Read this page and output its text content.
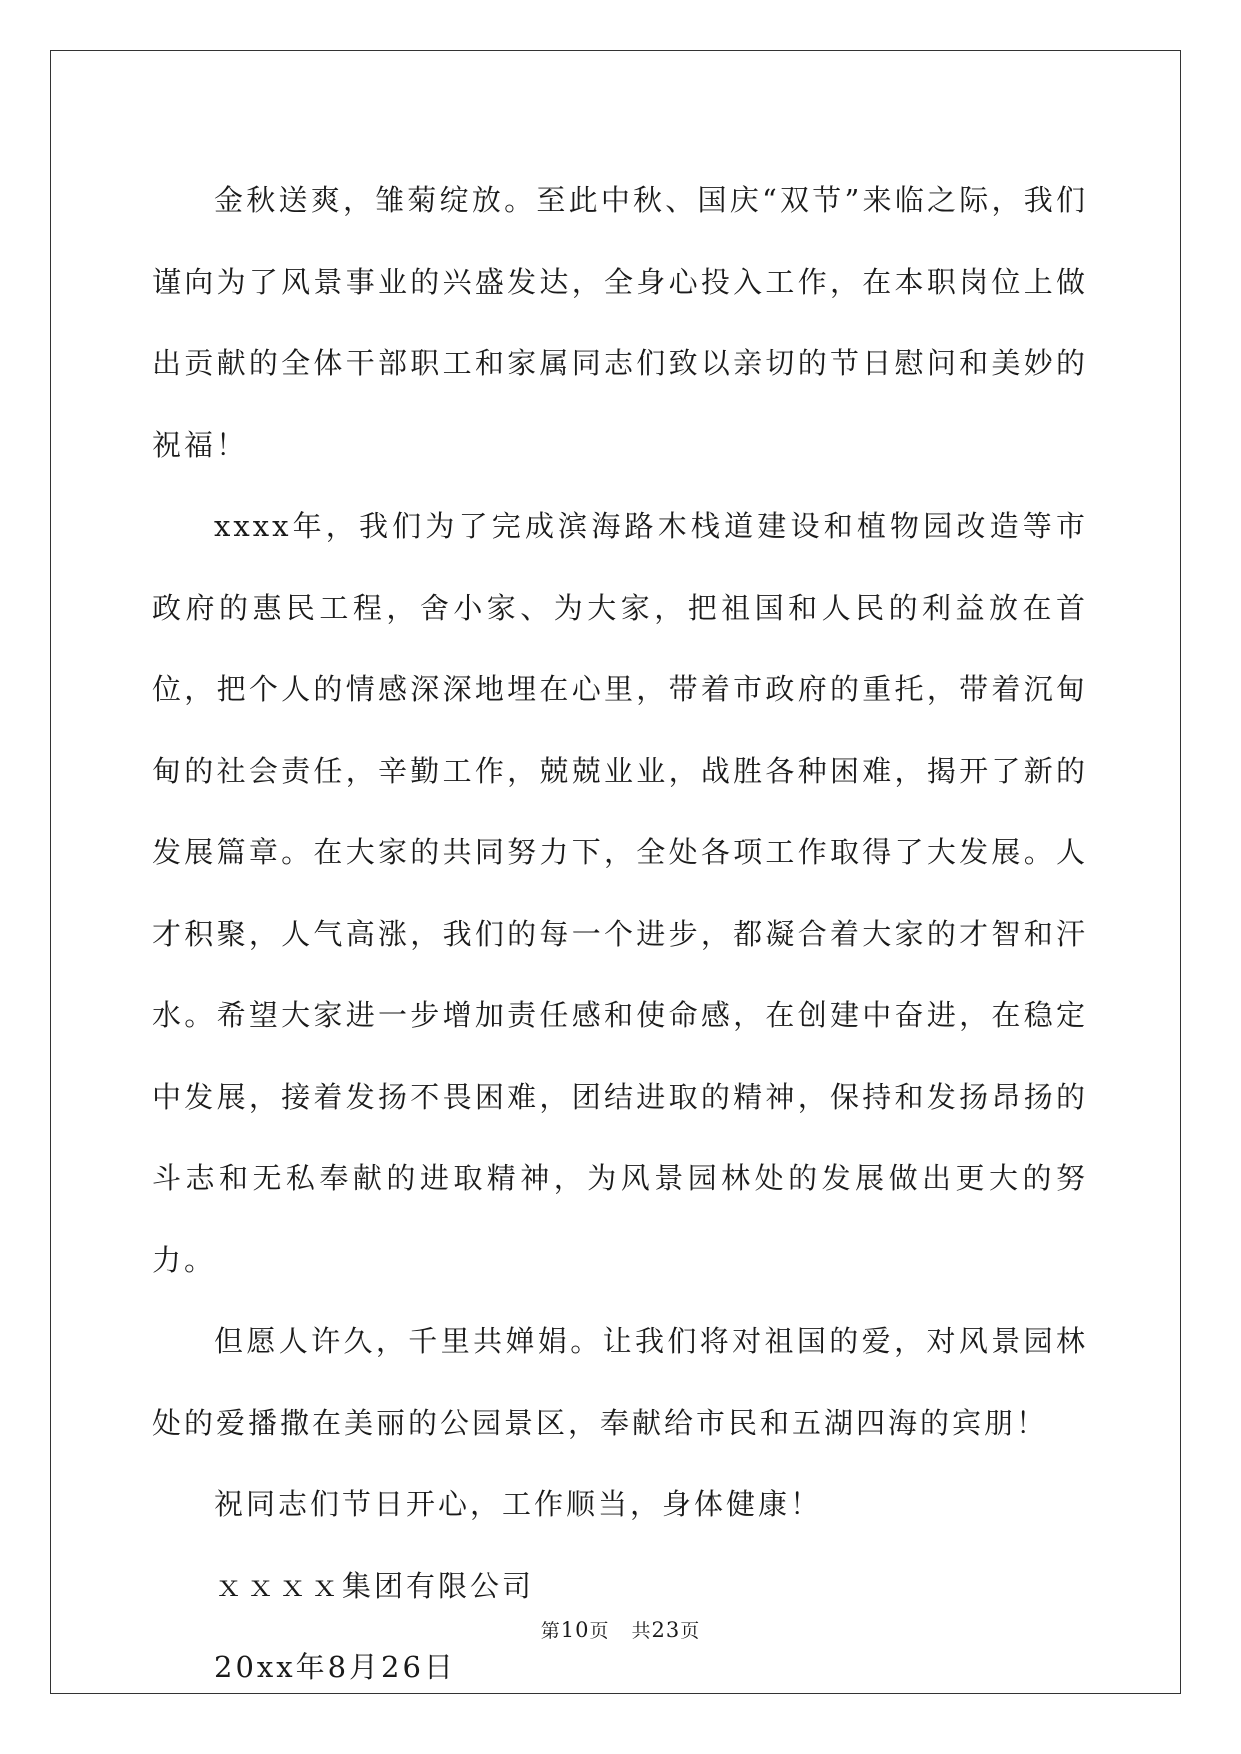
金秋送爽，雏菊绽放。至此中秋、国庆“双节”来临之际，我们谨向为了风景事业的兴盛发达，全身心投入工作，在本职岗位上做出贡献的全体干部职工和家属同志们致以亲切的节日慰问和美妙的祝福！

xxxx年，我们为了完成滨海路木栈道建设和植物园改造等市政府的惠民工程，舍小家、为大家，把祖国和人民的利益放在首位，把个人的情感深深地埋在心里，带着市政府的重托，带着沉甸甸的社会责任，辛勤工作，兢兢业业，战胜各种困难，揭开了新的发展篇章。在大家的共同努力下，全处各项工作取得了大发展。人才积聚，人气高涨，我们的每一个进步，都凝合着大家的才智和汗水。希望大家进一步增加责任感和使命感，在创建中奋进，在稳定中发展，接着发扬不畏困难，团结进取的精神，保持和发扬昂扬的斗志和无私奉献的进取精神，为风景园林处的发展做出更大的努力。

但愿人许久，千里共婵娟。让我们将对祖国的爱，对风景园林处的爱播撒在美丽的公园景区，奉献给市民和五湖四海的宾朋！

祝同志们节日开心，工作顺当，身体健康！

ｘｘｘｘ集团有限公司

20xx年8月26日

第10页 共23页
